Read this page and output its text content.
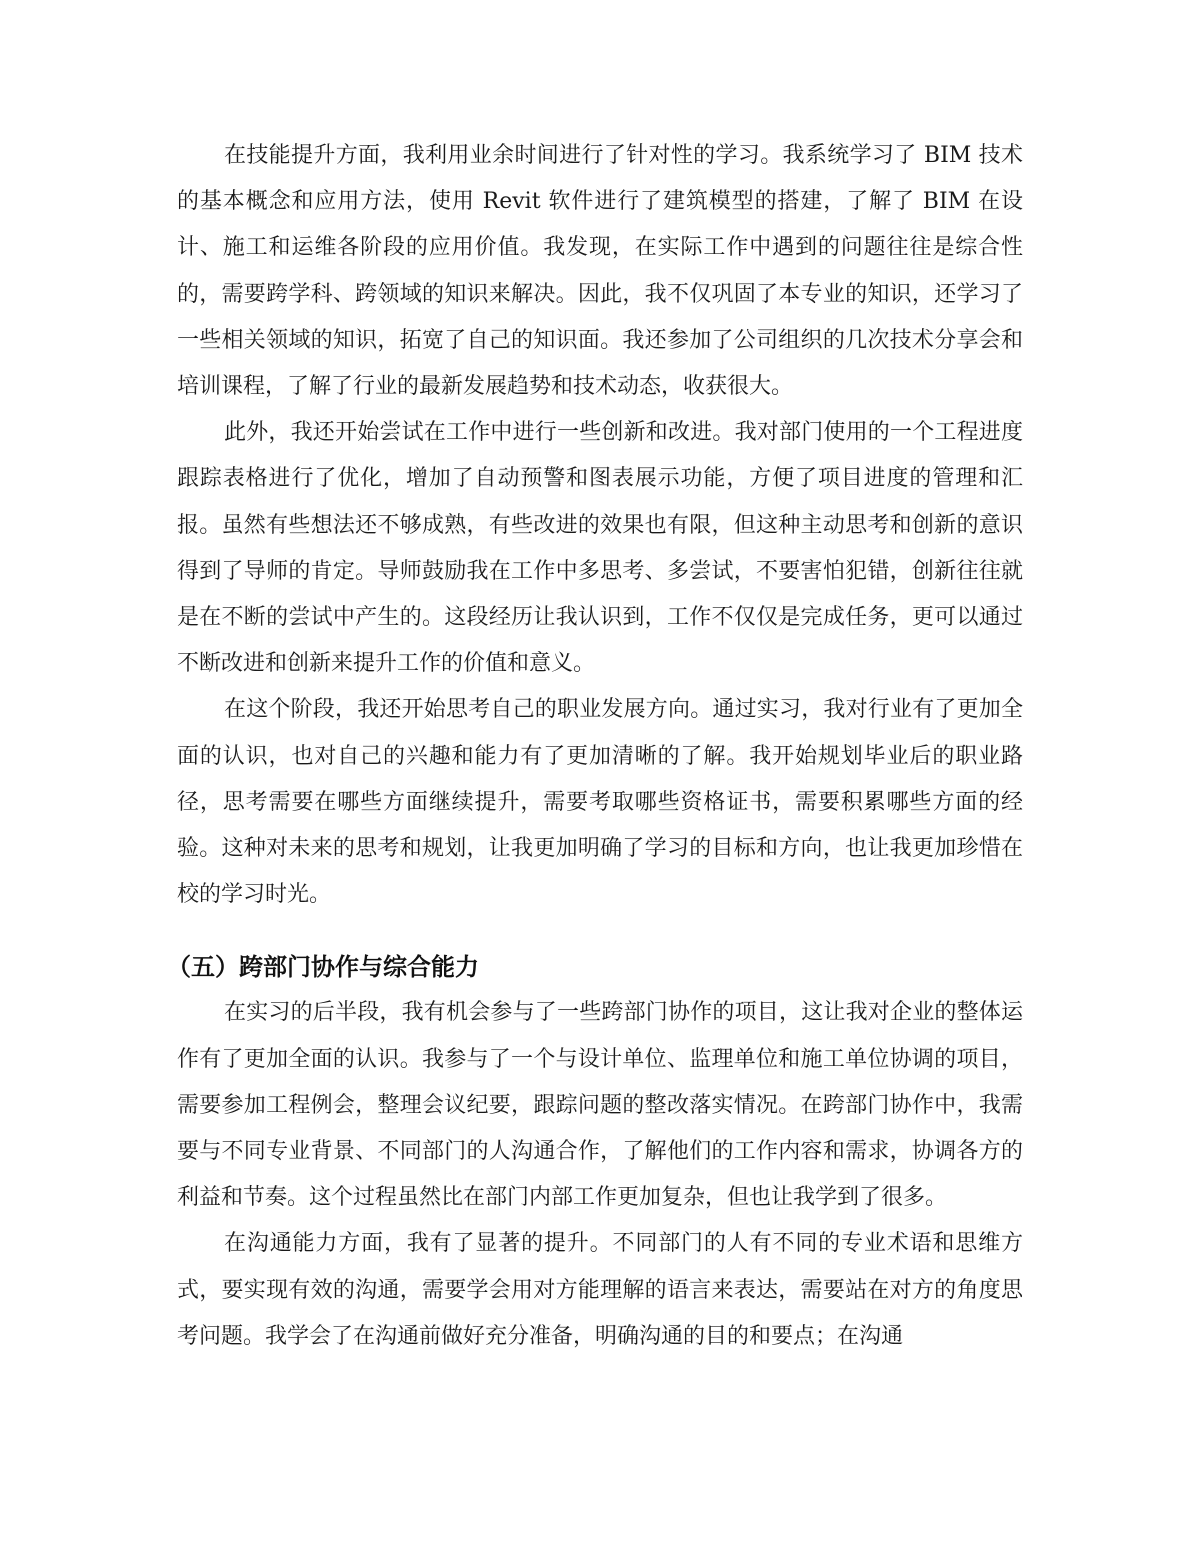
在技能提升方面，我利用业余时间进行了针对性的学习。我系统学习了 BIM 技术的基本概念和应用方法，使用 Revit 软件进行了建筑模型的搭建，了解了 BIM 在设计、施工和运维各阶段的应用价值。我发现，在实际工作中遇到的问题往往是综合性的，需要跨学科、跨领域的知识来解决。因此，我不仅巩固了本专业的知识，还学习了一些相关领域的知识，拓宽了自己的知识面。我还参加了公司组织的几次技术分享会和培训课程，了解了行业的最新发展趋势和技术动态，收获很大。

此外，我还开始尝试在工作中进行一些创新和改进。我对部门使用的一个工程进度跟踪表格进行了优化，增加了自动预警和图表展示功能，方便了项目进度的管理和汇报。虽然有些想法还不够成熟，有些改进的效果也有限，但这种主动思考和创新的意识得到了导师的肯定。导师鼓励我在工作中多思考、多尝试，不要害怕犯错，创新往往就是在不断的尝试中产生的。这段经历让我认识到，工作不仅仅是完成任务，更可以通过不断改进和创新来提升工作的价值和意义。

在这个阶段，我还开始思考自己的职业发展方向。通过实习，我对行业有了更加全面的认识，也对自己的兴趣和能力有了更加清晰的了解。我开始规划毕业后的职业路径，思考需要在哪些方面继续提升，需要考取哪些资格证书，需要积累哪些方面的经验。这种对未来的思考和规划，让我更加明确了学习的目标和方向，也让我更加珍惜在校的学习时光。

（五）跨部门协作与综合能力

在实习的后半段，我有机会参与了一些跨部门协作的项目，这让我对企业的整体运作有了更加全面的认识。我参与了一个与设计单位、监理单位和施工单位协调的项目，需要参加工程例会，整理会议纪要，跟踪问题的整改落实情况。在跨部门协作中，我需要与不同专业背景、不同部门的人沟通合作，了解他们的工作内容和需求，协调各方的利益和节奏。这个过程虽然比在部门内部工作更加复杂，但也让我学到了很多。

在沟通能力方面，我有了显著的提升。不同部门的人有不同的专业术语和思维方式，要实现有效的沟通，需要学会用对方能理解的语言来表达，需要站在对方的角度思考问题。我学会了在沟通前做好充分准备，明确沟通的目的和要点；在沟通
